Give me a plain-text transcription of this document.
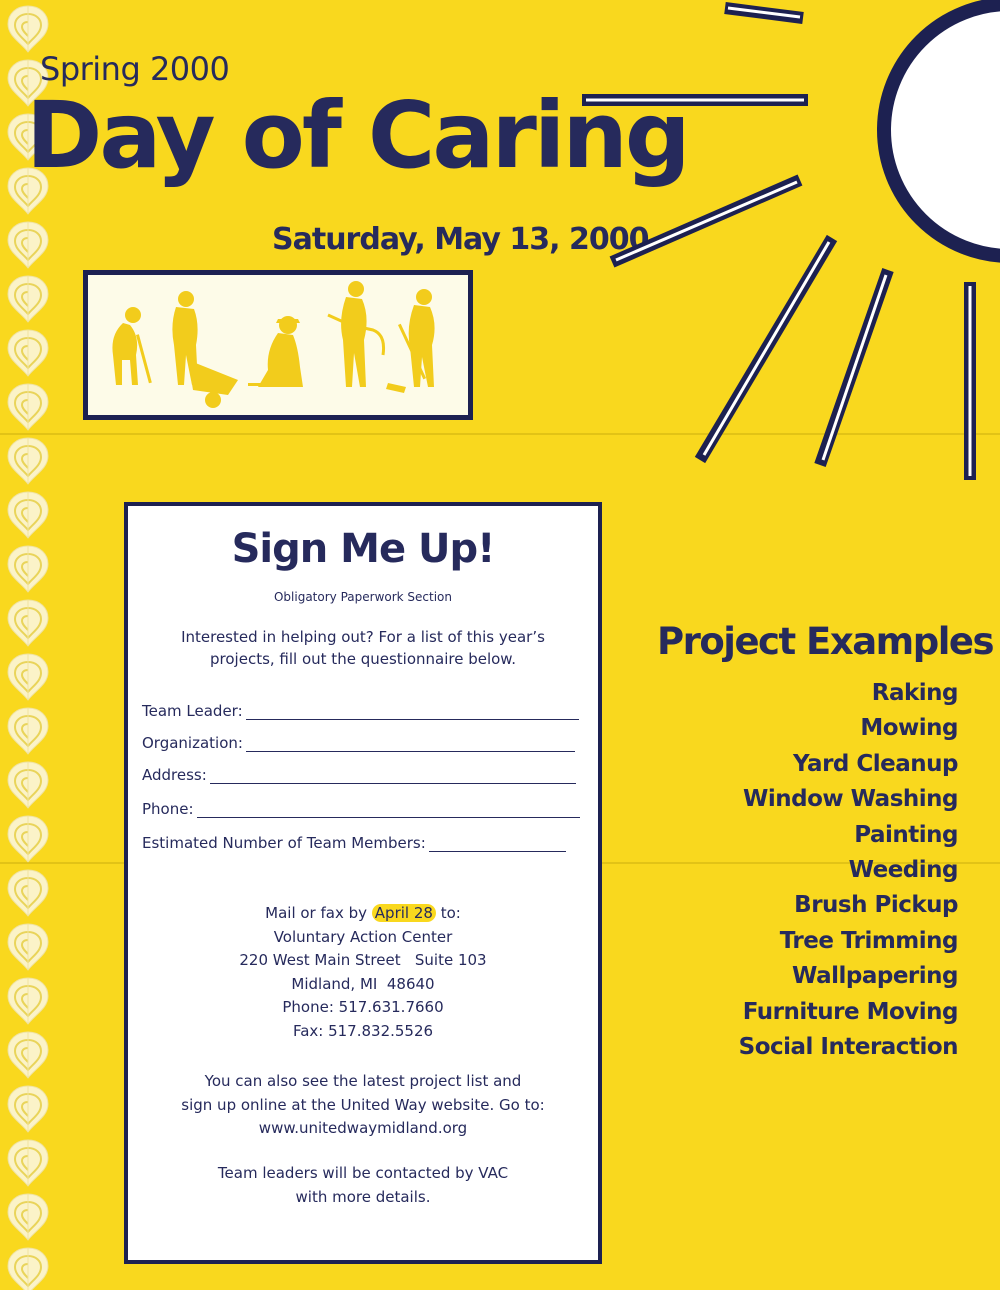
Spring 2000
Day of Caring
Saturday, May 13, 2000
Sign Me Up!
Obligatory Paperwork Section
Interested in helping out? For a list of this year’s
projects, fill out the questionnaire below.
Team Leader:
Organization:
Address:
Phone:
Estimated Number of Team Members:
Mail or fax by April 28 to:
Voluntary Action Center
220 West Main Street   Suite 103
Midland, MI  48640
Phone: 517.631.7660
Fax: 517.832.5526
You can also see the latest project list and
sign up online at the United Way website. Go to:
www.unitedwaymidland.org
Team leaders will be contacted by VAC
with more details.
Project Examples
Raking
Mowing
Yard Cleanup
Window Washing
Painting
Weeding
Brush Pickup
Tree Trimming
Wallpapering
Furniture Moving
Social Interaction
